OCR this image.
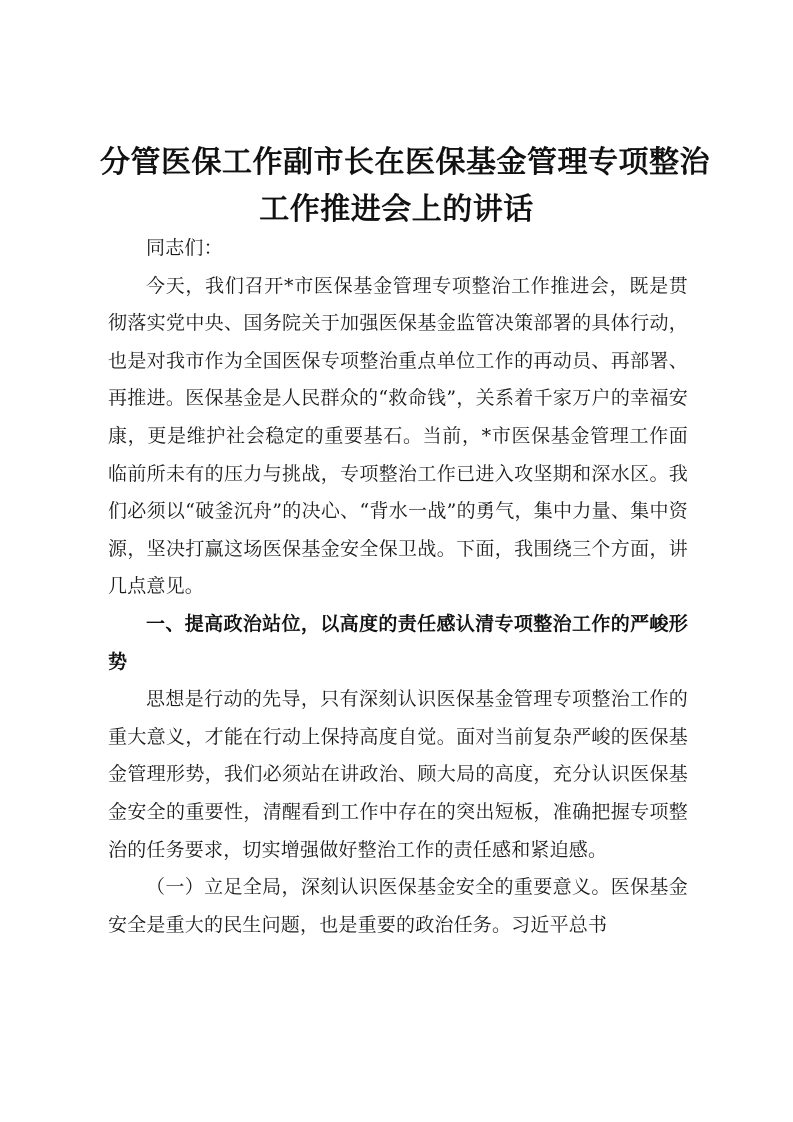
分管医保工作副市长在医保基金管理专项整治
工作推进会上的讲话

同志们：

今天，我们召开*市医保基金管理专项整治工作推进会，既是贯彻落实党中央、国务院关于加强医保基金监管决策部署的具体行动，也是对我市作为全国医保专项整治重点单位工作的再动员、再部署、再推进。医保基金是人民群众的“救命钱”，关系着千家万户的幸福安康，更是维护社会稳定的重要基石。当前，*市医保基金管理工作面临前所未有的压力与挑战，专项整治工作已进入攻坚期和深水区。我们必须以“破釜沉舟”的决心、“背水一战”的勇气，集中力量、集中资源，坚决打赢这场医保基金安全保卫战。下面，我围绕三个方面，讲几点意见。

一、提高政治站位，以高度的责任感认清专项整治工作的严峻形势

思想是行动的先导，只有深刻认识医保基金管理专项整治工作的重大意义，才能在行动上保持高度自觉。面对当前复杂严峻的医保基金管理形势，我们必须站在讲政治、顾大局的高度，充分认识医保基金安全的重要性，清醒看到工作中存在的突出短板，准确把握专项整治的任务要求，切实增强做好整治工作的责任感和紧迫感。

（一）立足全局，深刻认识医保基金安全的重要意义。医保基金安全是重大的民生问题，也是重要的政治任务。习近平总书
